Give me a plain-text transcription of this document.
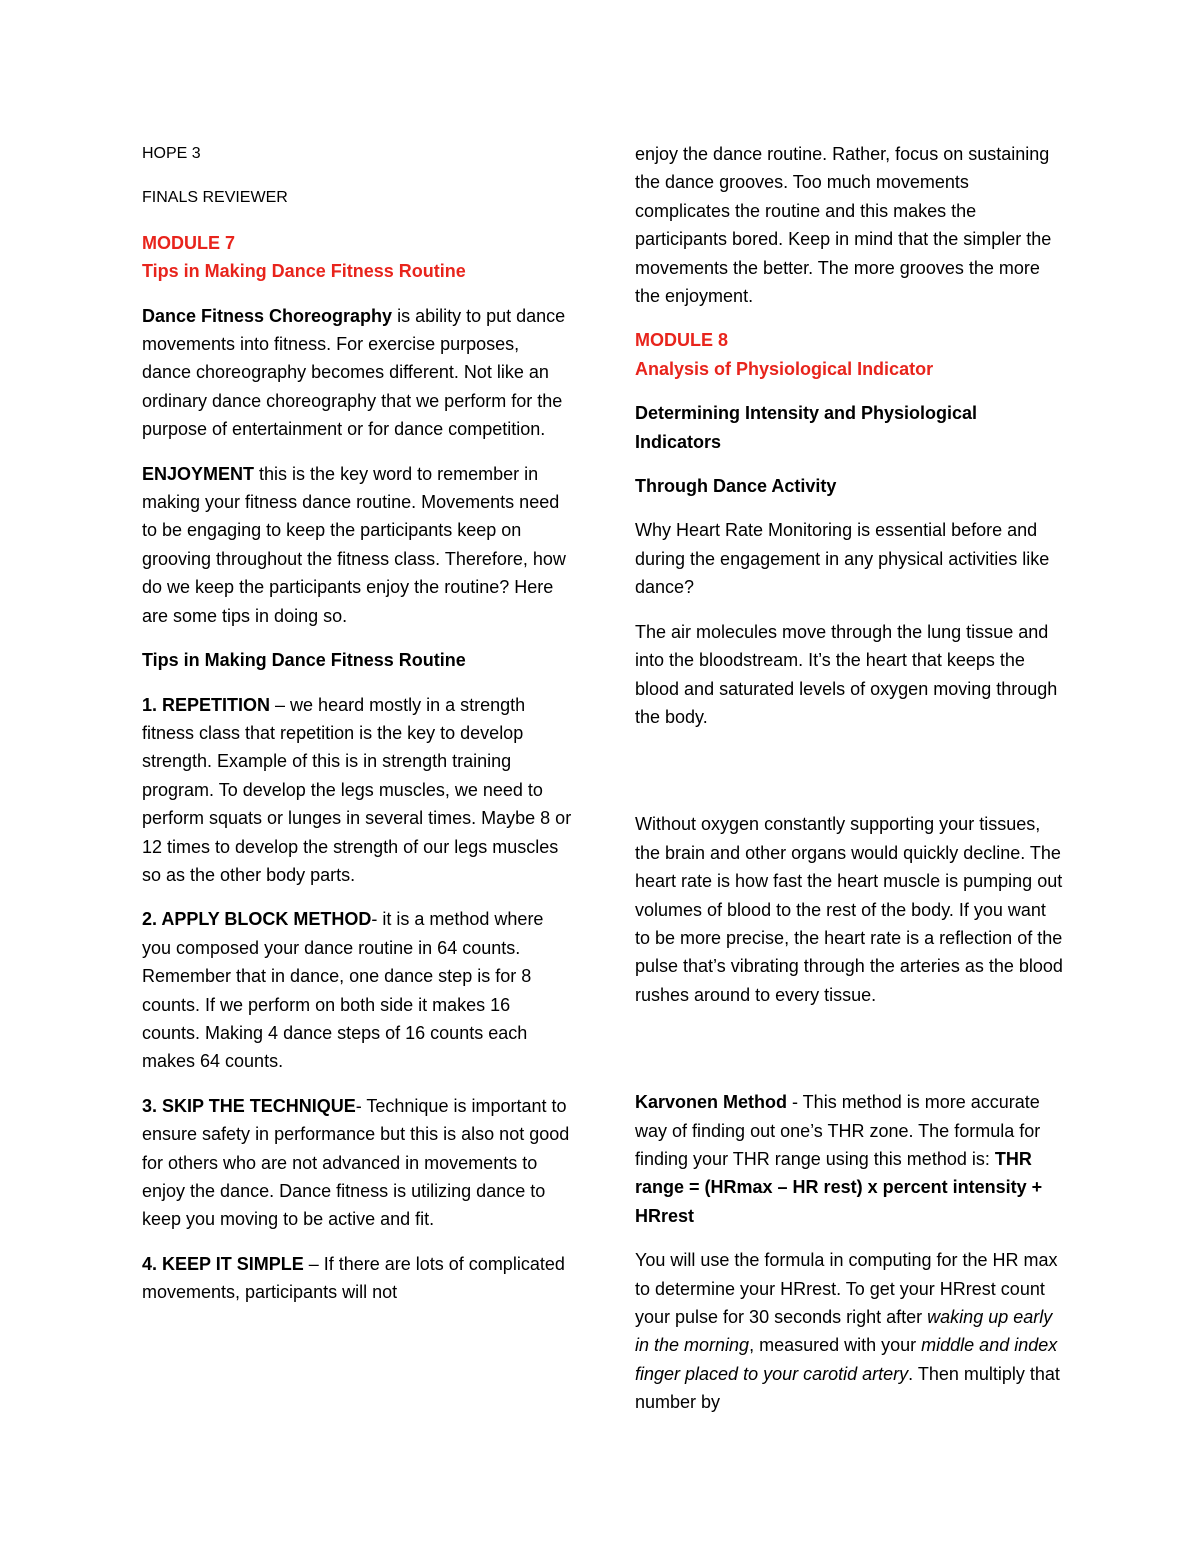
HOPE 3

FINALS REVIEWER

MODULE 7

Tips in Making Dance Fitness Routine

Dance Fitness Choreography is ability to put dance movements into fitness. For exercise purposes, dance choreography becomes different. Not like an ordinary dance choreography that we perform for the purpose of entertainment or for dance competition.

ENJOYMENT this is the key word to remember in making your fitness dance routine. Movements need to be engaging to keep the participants keep on grooving throughout the fitness class. Therefore, how do we keep the participants enjoy the routine? Here are some tips in doing so.

Tips in Making Dance Fitness Routine

1. REPETITION – we heard mostly in a strength fitness class that repetition is the key to develop strength. Example of this is in strength training program. To develop the legs muscles, we need to perform squats or lunges in several times. Maybe 8 or 12 times to develop the strength of our legs muscles so as the other body parts.

2. APPLY BLOCK METHOD- it is a method where you composed your dance routine in 64 counts. Remember that in dance, one dance step is for 8 counts. If we perform on both side it makes 16 counts. Making 4 dance steps of 16 counts each makes 64 counts.

3. SKIP THE TECHNIQUE- Technique is important to ensure safety in performance but this is also not good for others who are not advanced in movements to enjoy the dance. Dance fitness is utilizing dance to keep you moving to be active and fit.

4. KEEP IT SIMPLE – If there are lots of complicated movements, participants will not

enjoy the dance routine. Rather, focus on sustaining the dance grooves. Too much movements complicates the routine and this makes the participants bored. Keep in mind that the simpler the movements the better. The more grooves the more the enjoyment.

MODULE 8

Analysis of Physiological Indicator

Determining Intensity and Physiological Indicators

Through Dance Activity

Why Heart Rate Monitoring is essential before and during the engagement in any physical activities like dance?

The air molecules move through the lung tissue and into the bloodstream. It’s the heart that keeps the blood and saturated levels of oxygen moving through the body.

Without oxygen constantly supporting your tissues, the brain and other organs would quickly decline. The heart rate is how fast the heart muscle is pumping out volumes of blood to the rest of the body. If you want to be more precise, the heart rate is a reflection of the pulse that’s vibrating through the arteries as the blood rushes around to every tissue.

Karvonen Method - This method is more accurate way of finding out one’s THR zone. The formula for finding your THR range using this method is: THR range = (HRmax – HR rest) x percent intensity + HRrest

You will use the formula in computing for the HR max to determine your HRrest. To get your HRrest count your pulse for 30 seconds right after waking up early in the morning, measured with your middle and index finger placed to your carotid artery. Then multiply that number by
